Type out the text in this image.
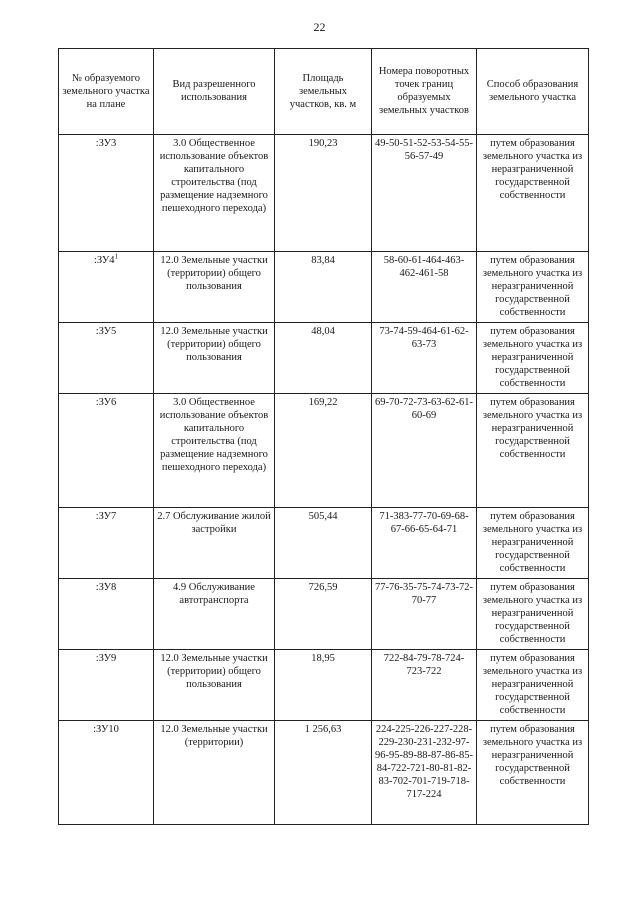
22
№ образуемого земельного участка на плане	Вид разрешенного использования	Площадь земельных участков, кв. м	Номера поворотных точек границ образуемых земельных участков	Способ образования земельного участка
:ЗУ3	3.0 Общественное использование объектов капитального строительства (под размещение надземного пешеходного перехода)	190,23	49-50-51-52-53-54-55-56-57-49	путем образования земельного участка из неразграниченной государственной собственности
$:ЗУ4^1$	12.0 Земельные участки (территории) общего пользования	83,84	58-60-61-464-463-462-461-58	путем образования земельного участка из неразграниченной государственной собственности
:ЗУ5	12.0 Земельные участки (территории) общего пользования	48,04	73-74-59-464-61-62-63-73	путем образования земельного участка из неразграниченной государственной собственности
:ЗУ6	3.0 Общественное использование объектов капитального строительства (под размещение надземного пешеходного перехода)	169,22	69-70-72-73-63-62-61-60-69	путем образования земельного участка из неразграниченной государственной собственности
:ЗУ7	2.7 Обслуживание жилой застройки	505,44	71-383-77-70-69-68-67-66-65-64-71	путем образования земельного участка из неразграниченной государственной собственности
:ЗУ8	4.9 Обслуживание автотранспорта	726,59	77-76-35-75-74-73-72-70-77	путем образования земельного участка из неразграниченной государственной собственности
:ЗУ9	12.0 Земельные участки (территории) общего пользования	18,95	722-84-79-78-724-723-722	путем образования земельного участка из неразграниченной государственной собственности
:ЗУ10	12.0 Земельные участки (территории)	1 256,63	224-225-226-227-228-229-230-231-232-97-96-95-89-88-87-86-85-84-722-721-80-81-82-83-702-701-719-718-717-224	путем образования земельного участка из неразграниченной государственной собственности
